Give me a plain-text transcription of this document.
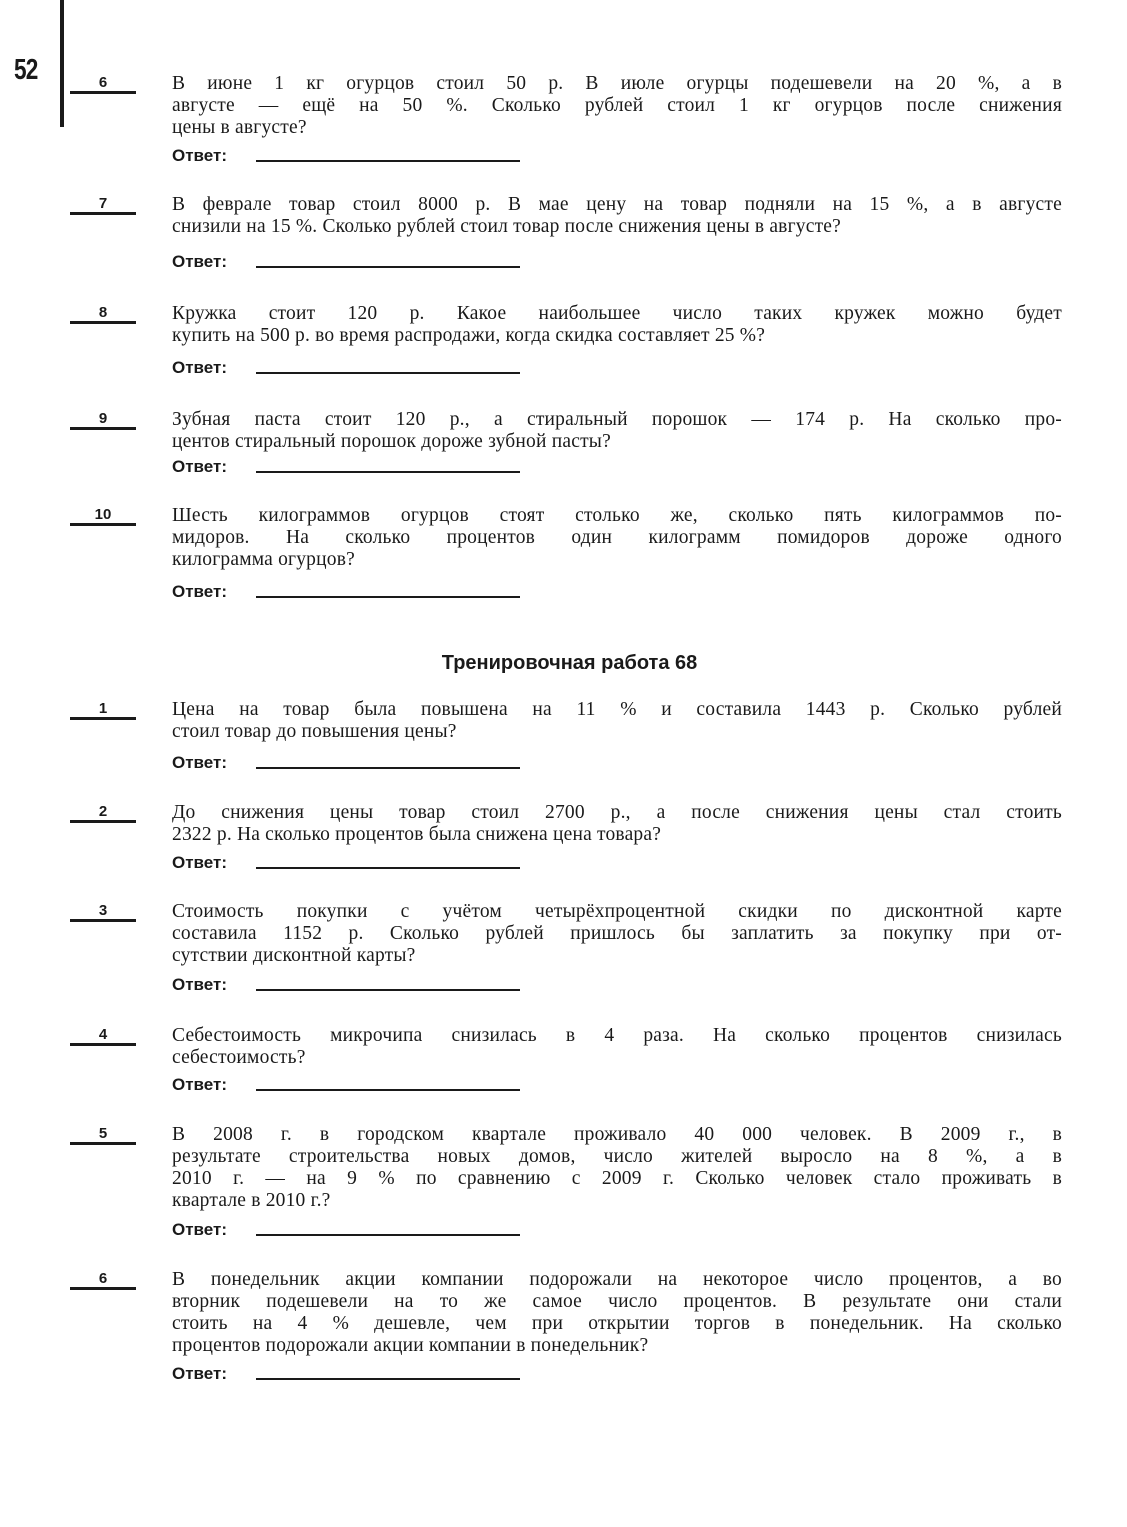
52
Тренировочная работа 68
6	В июне 1 кг огурцов стоил 50 р. В июле огурцы подешевели на 20 %, а в
августе — ещё на 50 %. Сколько рублей стоил 1 кг огурцов после снижения
цены в августе?
Ответ:
7	В феврале товар стоил 8000 р. В мае цену на товар подняли на 15 %, а в августе
снизили на 15 %. Сколько рублей стоил товар после снижения цены в августе?
Ответ:
8	Кружка стоит 120 р. Какое наибольшее число таких кружек можно будет
купить на 500 р. во время распродажи, когда скидка составляет 25 %?
Ответ:
9	Зубная паста стоит 120 р., а стиральный порошок — 174 р. На сколько про-
центов стиральный порошок дороже зубной пасты?
Ответ:
10	Шесть килограммов огурцов стоят столько же, сколько пять килограммов по-
мидоров. На сколько процентов один килограмм помидоров дороже одного
килограмма огурцов?
Ответ:
1	Цена на товар была повышена на 11 % и составила 1443 р. Сколько рублей
стоил товар до повышения цены?
Ответ:
2	До снижения цены товар стоил 2700 р., а после снижения цены стал стоить
2322 р. На сколько процентов была снижена цена товара?
Ответ:
3	Стоимость покупки с учётом четырёхпроцентной скидки по дисконтной карте
составила 1152 р. Сколько рублей пришлось бы заплатить за покупку при от-
сутствии дисконтной карты?
Ответ:
4	Себестоимость микрочипа снизилась в 4 раза. На сколько процентов снизилась
себестоимость?
Ответ:
5	В 2008 г. в городском квартале проживало 40 000 человек. В 2009 г., в
результате строительства новых домов, число жителей выросло на 8 %, а в
2010 г. — на 9 % по сравнению с 2009 г. Сколько человек стало проживать в
квартале в 2010 г.?
Ответ:
6	В понедельник акции компании подорожали на некоторое число процентов, а во
вторник подешевели на то же самое число процентов. В результате они стали
стоить на 4 % дешевле, чем при открытии торгов в понедельник. На сколько
процентов подорожали акции компании в понедельник?
Ответ:
